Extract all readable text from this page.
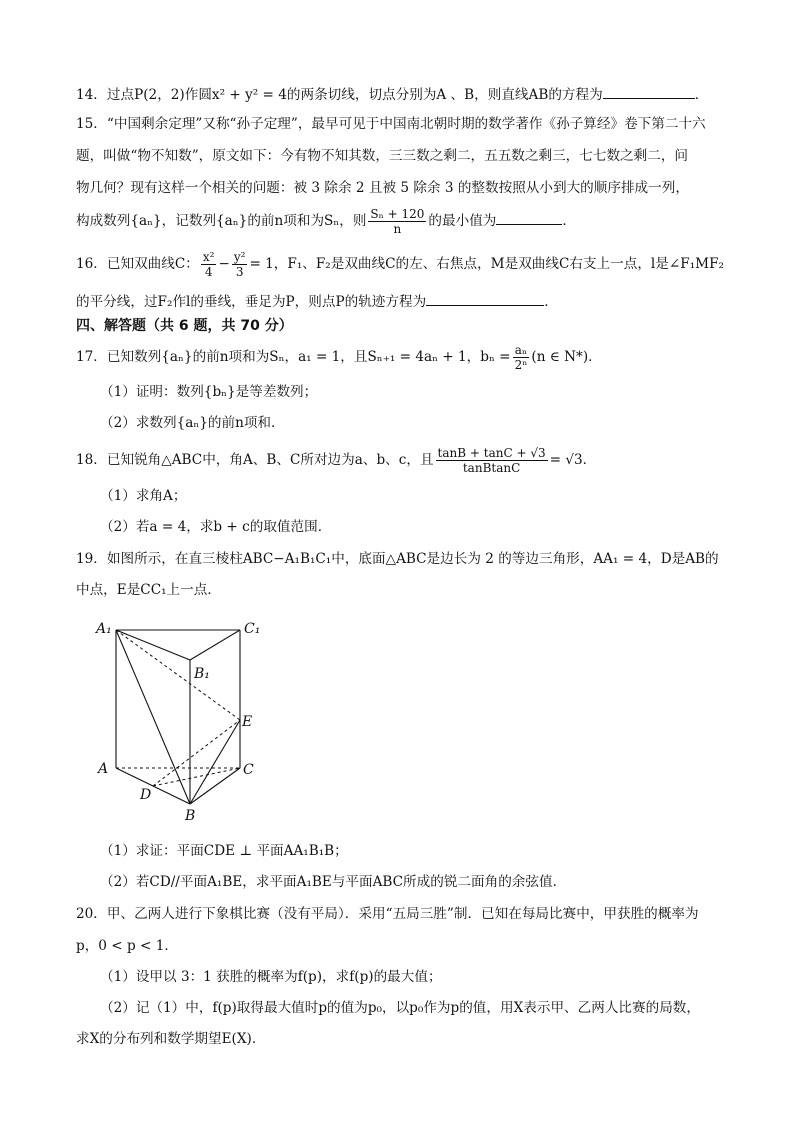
14．过点P(2，2)作圆x² + y² = 4的两条切线，切点分别为A 、B，则直线AB的方程为	．
15．“中国剩余定理”又称“孙子定理”，最早可见于中国南北朝时期的数学著作《孙子算经》卷下第二十六
题，叫做“物不知数”，原文如下：今有物不知其数，三三数之剩二，五五数之剩三，七七数之剩二，问
物几何？现有这样一个相关的问题：被 3 除余 2 且被 5 除余 3 的整数按照从小到大的顺序排成一列，
构成数列{aₙ}，记数列{aₙ}的前n项和为Sₙ，则 $\frac{\text{Sₙ + 120}}{n}$ 的最小值为	．
16．已知双曲线C： $\frac{\text{x²}}{4} - \frac{\text{y²}}{3} = 1$，F₁、F₂是双曲线C的左、右焦点，M是双曲线C右支上一点，l是∠F₁MF₂
的平分线，过F₂作l的垂线，垂足为P，则点P的轨迹方程为	．
四、解答题（共 6 题，共 70 分）
17．已知数列{aₙ}的前n项和为Sₙ，a₁ = 1，且Sₙ₊₁ = 4aₙ + 1，$b_n = \frac{\text{aₙ}}{\text{2ⁿ}} (n$ ∈ N*)．
（1）证明：数列{bₙ}是等差数列；
（2）求数列{aₙ}的前n项和．
18．已知锐角△ABC中，角A、B、C所对边为a、b、c，且 $\frac{\tan B + \tan C + √3}{\text{tanBtanC}} = √3$．
（1）求角A；
（2）若a = 4，求b + c的取值范围．
19．如图所示，在直三棱柱ABC−A₁B₁C₁中，底面△ABC是边长为 2 的等边三角形，AA₁ = 4，D是AB的
中点，E是CC₁上一点．
A₁	C₁
B₁
E
A	C
D
B
（1）求证：平面CDE ⊥ 平面AA₁B₁B；
（2）若CD//平面A₁BE，求平面A₁BE与平面ABC所成的锐二面角的余弦值．
20．甲、乙两人进行下象棋比赛（没有平局）．采用“五局三胜”制．已知在每局比赛中，甲获胜的概率为
p，0 < p < 1．
（1）设甲以 3：1 获胜的概率为f(p)，求f(p)的最大值；
（2）记（1）中，f(p)取得最大值时p的值为p₀，以p₀作为p的值，用X表示甲、乙两人比赛的局数，
求X的分布列和数学期望E(X)．
